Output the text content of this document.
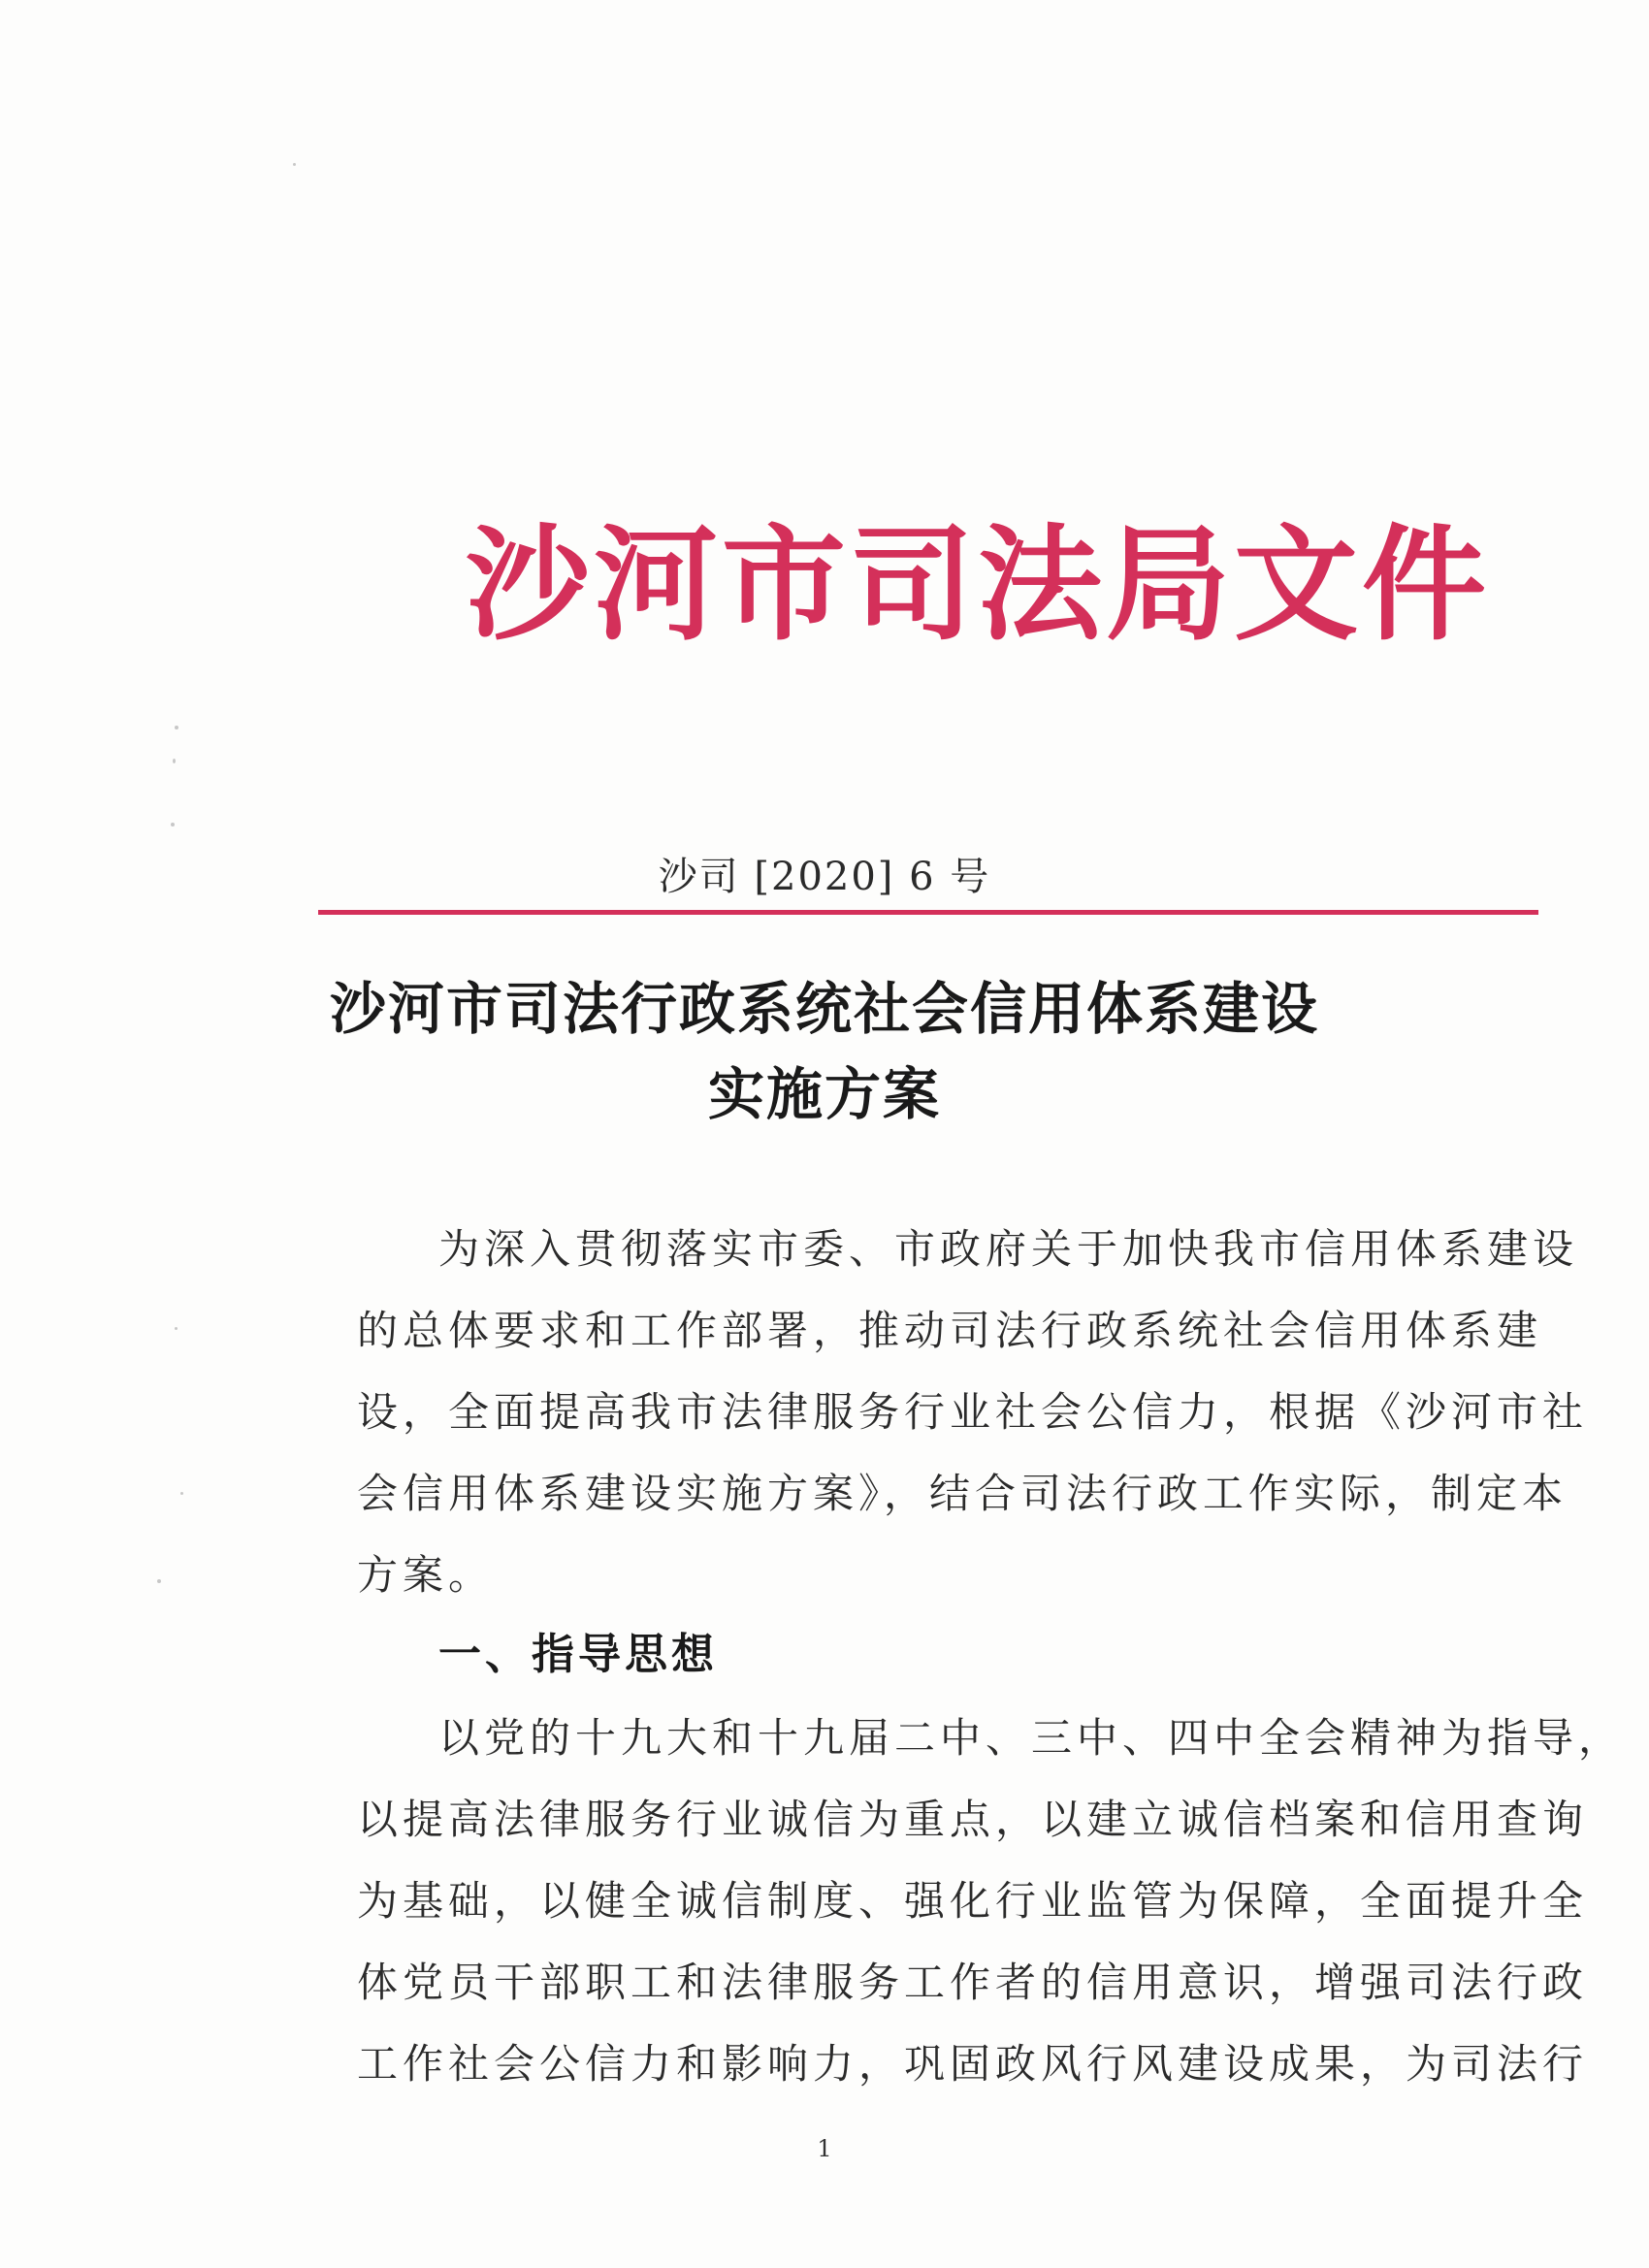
沙河市司法局文件
沙司 [2020] 6 号
沙河市司法行政系统社会信用体系建设
实施方案
为深入贯彻落实市委、市政府关于加快我市信用体系建设
的总体要求和工作部署，推动司法行政系统社会信用体系建
设，全面提高我市法律服务行业社会公信力，根据《沙河市社
会信用体系建设实施方案》，结合司法行政工作实际，制定本
方案。
一、指导思想
以党的十九大和十九届二中、三中、四中全会精神为指导，
以提高法律服务行业诚信为重点，以建立诚信档案和信用查询
为基础，以健全诚信制度、强化行业监管为保障，全面提升全
体党员干部职工和法律服务工作者的信用意识，增强司法行政
工作社会公信力和影响力，巩固政风行风建设成果，为司法行
1
